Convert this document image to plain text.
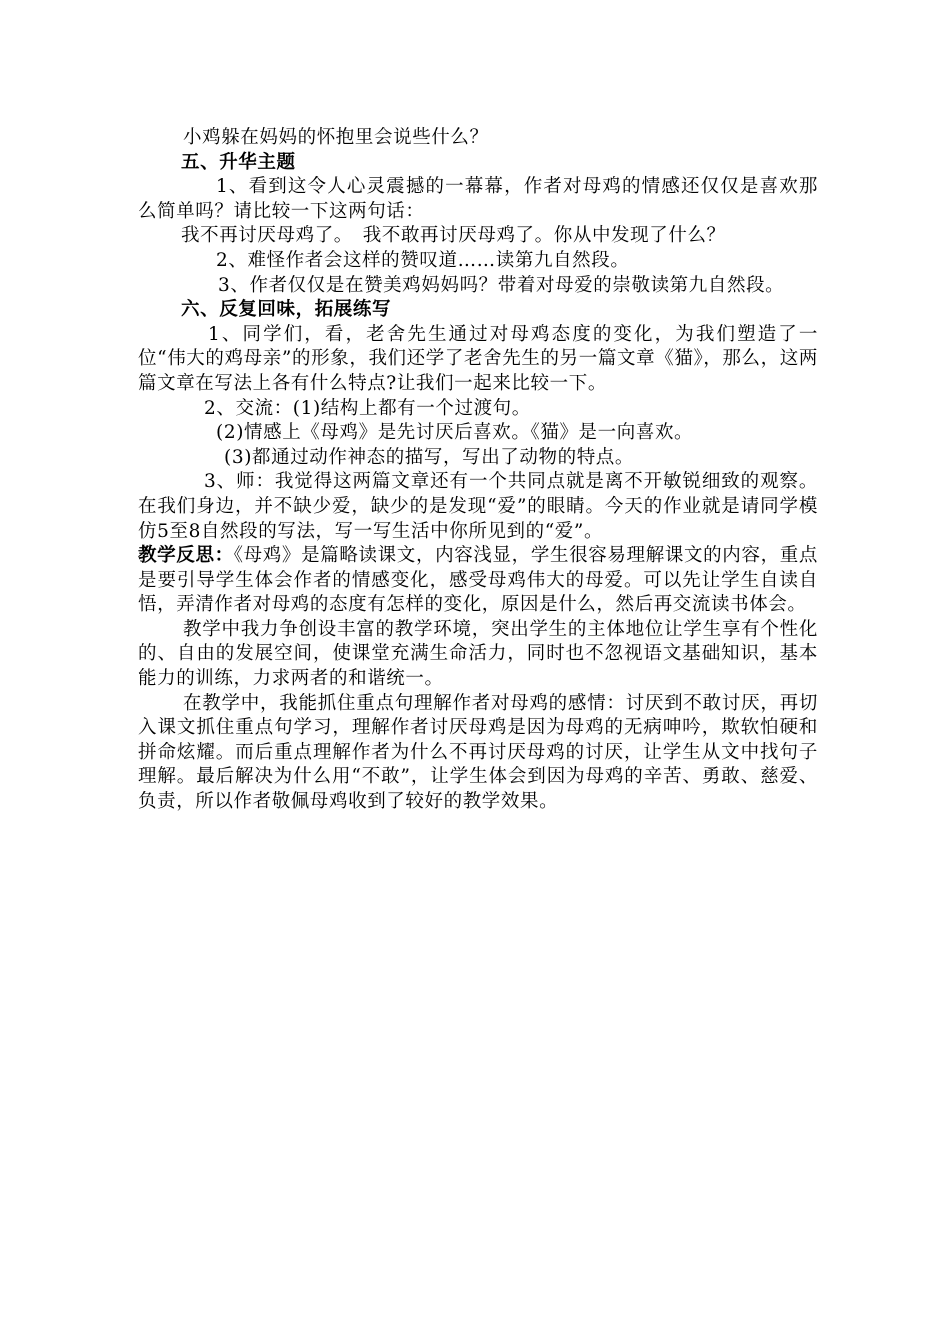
小鸡躲在妈妈的怀抱里会说些什么？

五、升华主题

1、看到这令人心灵震撼的一幕幕，作者对母鸡的情感还仅仅是喜欢那么简单吗？请比较一下这两句话：

我不再讨厌母鸡了。　我不敢再讨厌母鸡了。你从中发现了什么？

2、难怪作者会这样的赞叹道……读第九自然段。

3、作者仅仅是在赞美鸡妈妈吗？带着对母爱的崇敬读第九自然段。

六、反复回味，拓展练写

1、同学们，看，老舍先生通过对母鸡态度的变化，为我们塑造了一位“伟大的鸡母亲”的形象，我们还学了老舍先生的另一篇文章《猫》，那么，这两篇文章在写法上各有什么特点?让我们一起来比较一下。

2、交流：(1)结构上都有一个过渡句。

(2)情感上《母鸡》是先讨厌后喜欢。《猫》是一向喜欢。

(3)都通过动作神态的描写，写出了动物的特点。

3、师：我觉得这两篇文章还有一个共同点就是离不开敏锐细致的观察。在我们身边，并不缺少爱，缺少的是发现“爱”的眼睛。今天的作业就是请同学模仿5至8自然段的写法，写一写生活中你所见到的“爱”。

教学反思：《母鸡》是篇略读课文，内容浅显，学生很容易理解课文的内容，重点是要引导学生体会作者的情感变化，感受母鸡伟大的母爱。可以先让学生自读自悟，弄清作者对母鸡的态度有怎样的变化，原因是什么，然后再交流读书体会。

教学中我力争创设丰富的教学环境，突出学生的主体地位让学生享有个性化的、自由的发展空间，使课堂充满生命活力，同时也不忽视语文基础知识，基本能力的训练，力求两者的和谐统一。

在教学中，我能抓住重点句理解作者对母鸡的感情：讨厌到不敢讨厌，再切入课文抓住重点句学习，理解作者讨厌母鸡是因为母鸡的无病呻吟，欺软怕硬和拼命炫耀。而后重点理解作者为什么不再讨厌母鸡的讨厌，让学生从文中找句子理解。最后解决为什么用“不敢”，让学生体会到因为母鸡的辛苦、勇敢、慈爱、负责，所以作者敬佩母鸡收到了较好的教学效果。
